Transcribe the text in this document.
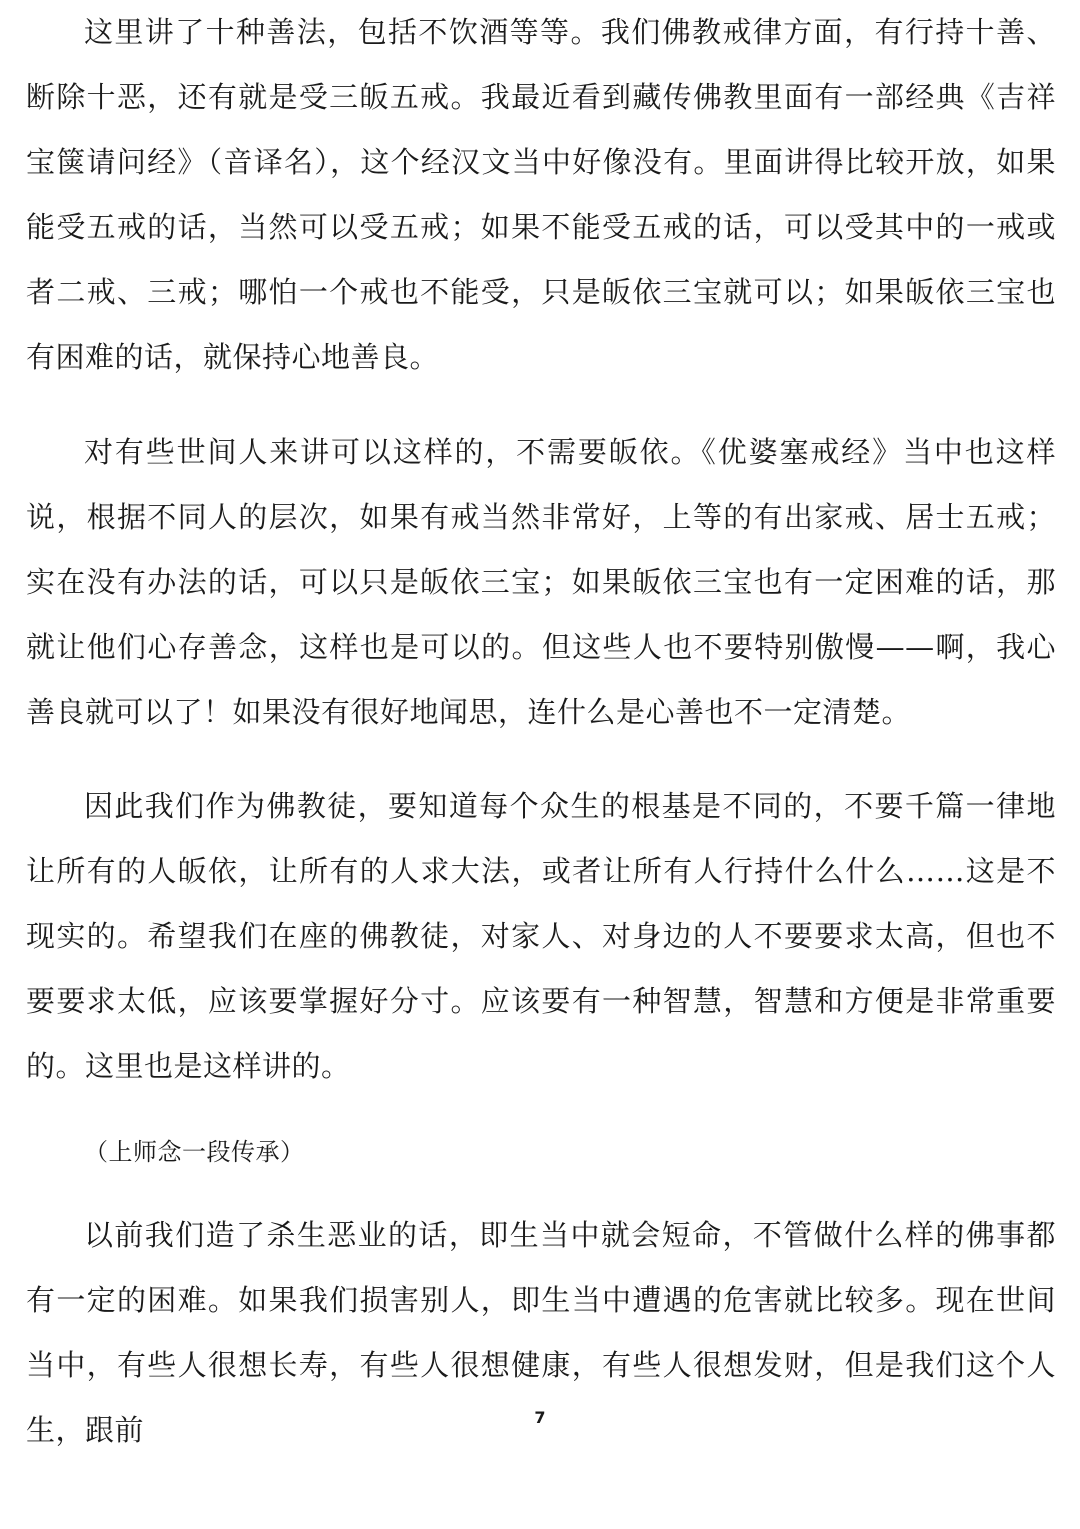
这里讲了十种善法，包括不饮酒等等。我们佛教戒律方面，有行持十善、断除十恶，还有就是受三皈五戒。我最近看到藏传佛教里面有一部经典《吉祥宝箧请问经》（音译名），这个经汉文当中好像没有。里面讲得比较开放，如果能受五戒的话，当然可以受五戒；如果不能受五戒的话，可以受其中的一戒或者二戒、三戒；哪怕一个戒也不能受，只是皈依三宝就可以；如果皈依三宝也有困难的话，就保持心地善良。

对有些世间人来讲可以这样的，不需要皈依。《优婆塞戒经》当中也这样说，根据不同人的层次，如果有戒当然非常好，上等的有出家戒、居士五戒；实在没有办法的话，可以只是皈依三宝；如果皈依三宝也有一定困难的话，那就让他们心存善念，这样也是可以的。但这些人也不要特别傲慢——啊，我心善良就可以了！如果没有很好地闻思，连什么是心善也不一定清楚。

因此我们作为佛教徒，要知道每个众生的根基是不同的，不要千篇一律地让所有的人皈依，让所有的人求大法，或者让所有人行持什么什么……这是不现实的。希望我们在座的佛教徒，对家人、对身边的人不要要求太高，但也不要要求太低，应该要掌握好分寸。应该要有一种智慧，智慧和方便是非常重要的。这里也是这样讲的。

（上师念一段传承）

以前我们造了杀生恶业的话，即生当中就会短命，不管做什么样的佛事都有一定的困难。如果我们损害别人，即生当中遭遇的危害就比较多。现在世间当中，有些人很想长寿，有些人很想健康，有些人很想发财，但是我们这个人生，跟前	7
